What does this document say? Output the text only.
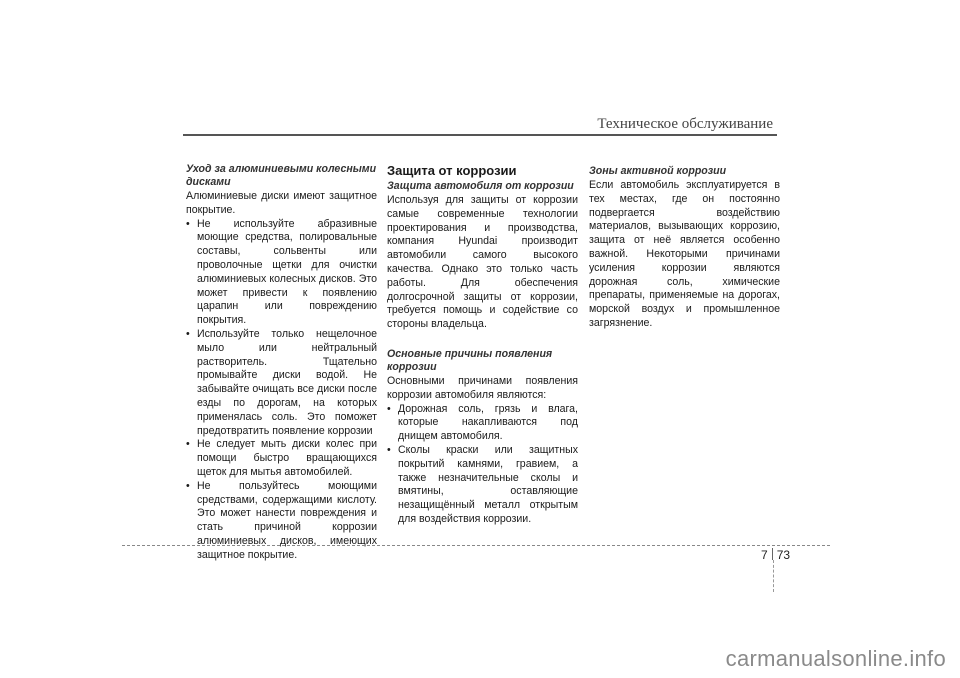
Техническое обслуживание
Уход за алюминиевыми колесными дисками

Алюминиевые диски имеют защитное покрытие.

• Не используйте абразивные моющие средства, полировальные составы, сольвенты или проволочные щетки для очистки алюминиевых колесных дисков. Это может привести к появлению царапин или повреждению покрытия.
• Используйте только нещелочное мыло или нейтральный растворитель. Тщательно промывайте диски водой. Не забывайте очищать все диски после езды по дорогам, на которых применялась соль. Это поможет предотвратить появление коррозии
• Не следует мыть диски колес при помощи быстро вращающихся щеток для мытья автомобилей.
• Не пользуйтесь моющими средствами, содержащими кислоту. Это может нанести повреждения и стать причиной коррозии алюминиевых дисков, имеющих защитное покрытие.
Защита от коррозии
Защита автомобиля от коррозии

Используя для защиты от коррозии самые современные технологии проектирования и производства, компания Hyundai производит автомобили самого высокого качества. Однако это только часть работы. Для обеспечения долгосрочной защиты от коррозии, требуется помощь и содействие со стороны владельца.

Основные причины появления коррозии

Основными причинами появления коррозии автомобиля являются:

• Дорожная соль, грязь и влага, которые накапливаются под днищем автомобиля.
• Сколы краски или защитных покрытий камнями, гравием, а также незначительные сколы и вмятины, оставляющие незащищённый металл открытым для воздействия коррозии.
Зоны активной коррозии

Если автомобиль эксплуатируется в тех местах, где он постоянно подвергается воздействию материалов, вызывающих коррозию, защита от неё является особенно важной. Некоторыми причинами усиления коррозии являются дорожная соль, химические препараты, применяемые на дорогах, морской воздух и промышленное загрязнение.

7 73
carmanualsonline.info
